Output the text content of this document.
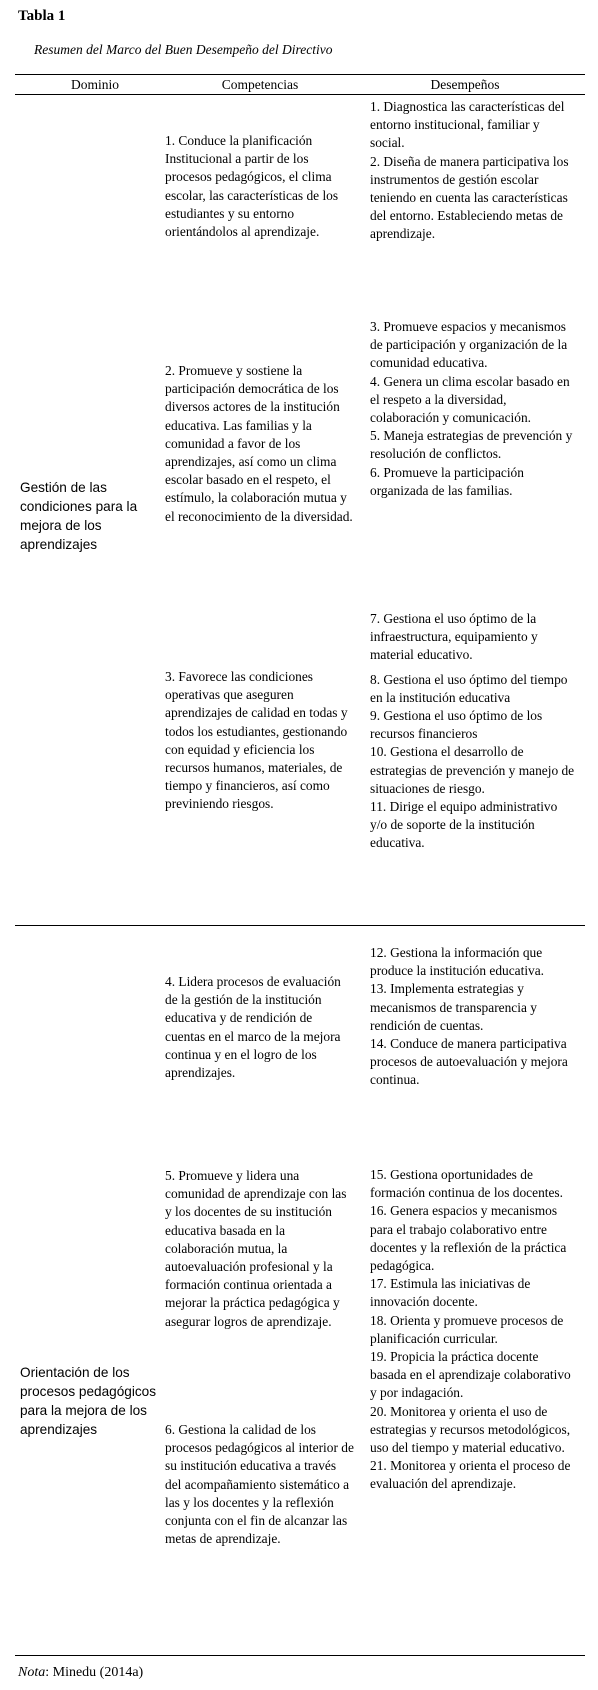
Tabla 1
Resumen del Marco del Buen Desempeño del Directivo
Dominio	Competencias	Desempeños
Gestión de las condiciones para la mejora de los aprendizajes
1. Conduce la planificación Institucional a partir de los procesos pedagógicos, el clima escolar, las características de los estudiantes y su entorno orientándolos al aprendizaje.
2. Promueve y sostiene la participación democrática de los diversos actores de la institución educativa. Las familias y la comunidad a favor de los aprendizajes, así como un clima escolar basado en el respeto, el estímulo, la colaboración mutua y el reconocimiento de la diversidad.
3. Favorece las condiciones operativas que aseguren aprendizajes de calidad en todas y todos los estudiantes, gestionando con equidad y eficiencia los recursos humanos, materiales, de tiempo y financieros, así como previniendo riesgos.

1. Diagnostica las características del entorno institucional, familiar y social.

2. Diseña de manera participativa los instrumentos de gestión escolar teniendo en cuenta las características del entorno. Estableciendo metas de aprendizaje.

3. Promueve espacios y mecanismos de participación y organización de la comunidad educativa.

4. Genera un clima escolar basado en el respeto a la diversidad, colaboración y comunicación.

5. Maneja estrategias de prevención y resolución de conflictos.

6. Promueve la participación organizada de las familias.

7. Gestiona el uso óptimo de la infraestructura, equipamiento y material educativo.

8. Gestiona el uso óptimo del tiempo en la institución educativa

9. Gestiona el uso óptimo de los recursos financieros

10. Gestiona el desarrollo de estrategias de prevención y manejo de situaciones de riesgo.

11. Dirige el equipo administrativo y/o de soporte de la institución educativa.

Orientación de los procesos pedagógicos para la mejora de los aprendizajes
4. Lidera procesos de evaluación de la gestión de la institución educativa y de rendición de cuentas en el marco de la mejora continua y en el logro de los aprendizajes.
5. Promueve y lidera una comunidad de aprendizaje con las y los docentes de su institución educativa basada en la colaboración mutua, la autoevaluación profesional y la formación continua orientada a mejorar la práctica pedagógica y asegurar logros de aprendizaje.
6. Gestiona la calidad de los procesos pedagógicos al interior de su institución educativa a través del acompañamiento sistemático a las y los docentes y la reflexión conjunta con el fin de alcanzar las metas de aprendizaje.

12. Gestiona la información que produce la institución educativa.

13. Implementa estrategias y mecanismos de transparencia y rendición de cuentas.

14. Conduce de manera participativa procesos de autoevaluación y mejora continua.

15. Gestiona oportunidades de formación continua de los docentes.

16. Genera espacios y mecanismos para el trabajo colaborativo entre docentes y la reflexión de la práctica pedagógica.

17. Estimula las iniciativas de innovación docente.

18. Orienta y promueve procesos de planificación curricular.

19. Propicia la práctica docente basada en el aprendizaje colaborativo y por indagación.

20. Monitorea y orienta el uso de estrategias y recursos metodológicos, uso del tiempo y material educativo.

21. Monitorea y orienta el proceso de evaluación del aprendizaje.

Nota: Minedu (2014a)
